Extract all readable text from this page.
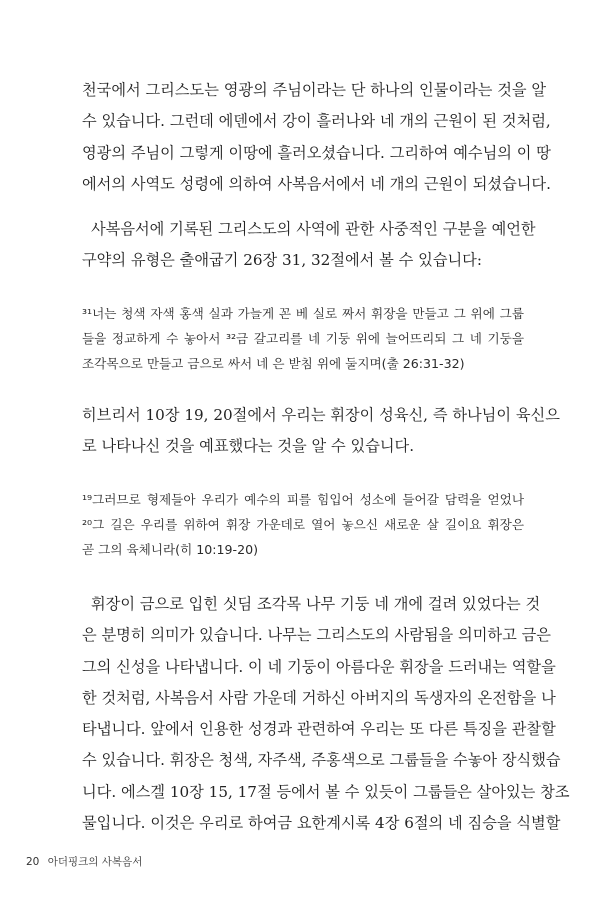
천국에서 그리스도는 영광의 주님이라는 단 하나의 인물이라는 것을 알
수 있습니다. 그런데 에덴에서 강이 흘러나와 네 개의 근원이 된 것처럼,
영광의 주님이 그렇게 이땅에 흘러오셨습니다. 그리하여 예수님의 이 땅
에서의 사역도 성령에 의하여 사복음서에서 네 개의 근원이 되셨습니다.
사복음서에 기록된 그리스도의 사역에 관한 사중적인 구분을 예언한
구약의 유형은 출애굽기 26장 31, 32절에서 볼 수 있습니다:
³¹너는 청색 자색 홍색 실과 가늘게 꼰 베 실로 짜서 휘장을 만들고 그 위에 그룹
들을 정교하게 수 놓아서 ³²금 갈고리를 네 기둥 위에 늘어뜨리되 그 네 기둥을
조각목으로 만들고 금으로 싸서 네 은 받침 위에 둘지며(출 26:31-32)
히브리서 10장 19, 20절에서 우리는 휘장이 성육신, 즉 하나님이 육신으
로 나타나신 것을 예표했다는 것을 알 수 있습니다.
¹⁹그러므로 형제들아 우리가 예수의 피를 힘입어 성소에 들어갈 담력을 얻었나
²⁰그 길은 우리를 위하여 휘장 가운데로 열어 놓으신 새로운 살 길이요 휘장은
곧 그의 육체니라(히 10:19-20)
휘장이 금으로 입힌 싯딤 조각목 나무 기둥 네 개에 걸려 있었다는 것
은 분명히 의미가 있습니다. 나무는 그리스도의 사람됨을 의미하고 금은
그의 신성을 나타냅니다. 이 네 기둥이 아름다운 휘장을 드러내는 역할을
한 것처럼, 사복음서 사람 가운데 거하신 아버지의 독생자의 온전함을 나
타냅니다. 앞에서 인용한 성경과 관련하여 우리는 또 다른 특징을 관찰할
수 있습니다. 휘장은 청색, 자주색, 주홍색으로 그룹들을 수놓아 장식했습
니다. 에스겔 10장 15, 17절 등에서 볼 수 있듯이 그룹들은 살아있는 창조
물입니다. 이것은 우리로 하여금 요한계시록 4장 6절의 네 짐승을 식별할
20 아더핑크의 사복음서
